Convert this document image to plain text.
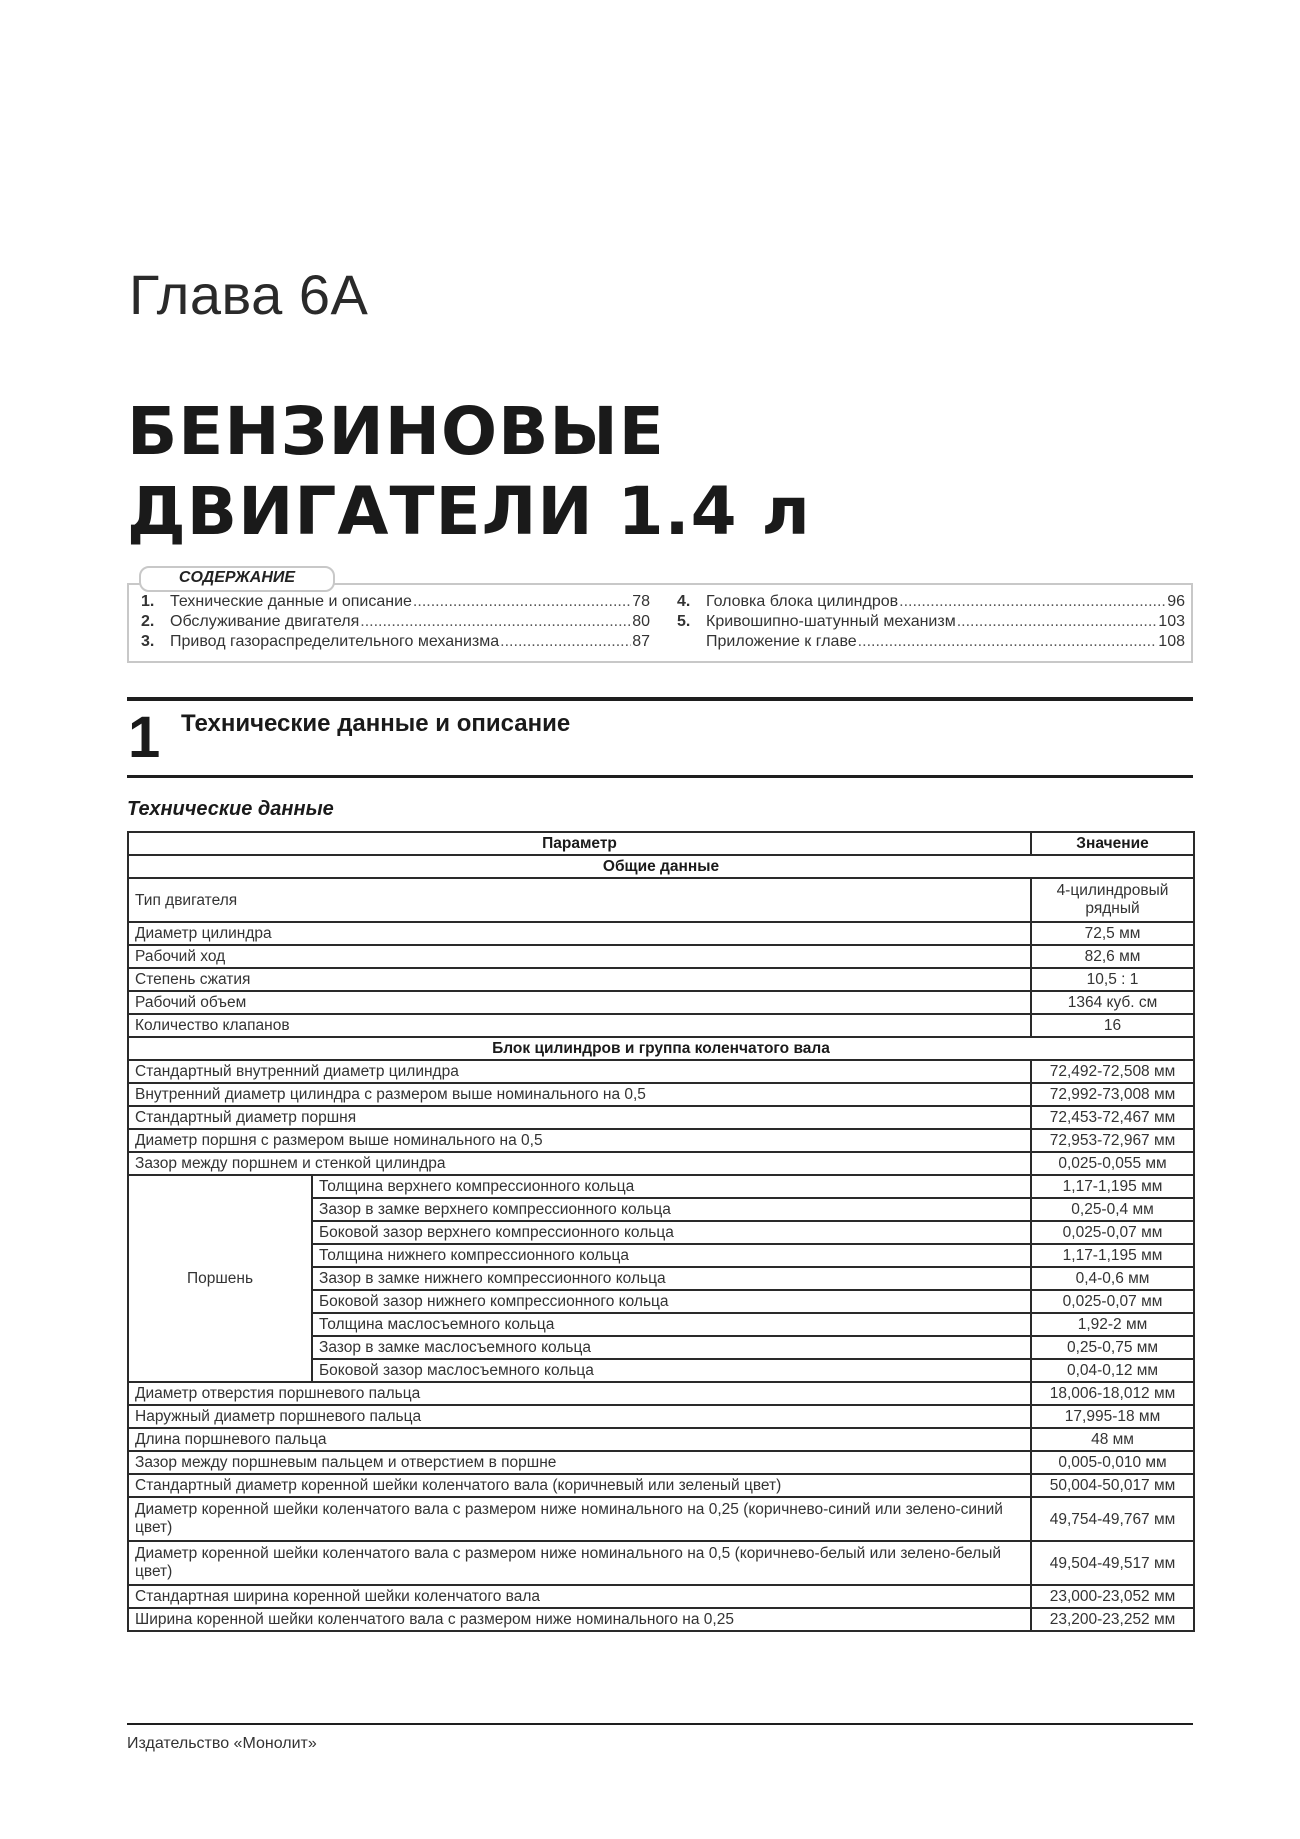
Глава 6А
БЕНЗИНОВЫЕ
ДВИГАТЕЛИ 1.4 л
СОДЕРЖАНИЕ
1. Технические данные и описание .....	78
2. Обслуживание двигателя .....	80
3. Привод газораспределительного механизма .....	87
4. Головка блока цилиндров .....	96
5. Кривошипно-шатунный механизм .....	103
Приложение к главе .....	108
1 Технические данные и описание
Технические данные
Параметр		Значение
Общие данные		
Тип двигателя		4-цилиндровый рядный
Диаметр цилиндра		72,5 мм
Рабочий ход		82,6 мм
Степень сжатия		10,5 : 1
Рабочий объем		1364 куб. см
Количество клапанов		16
Блок цилиндров и группа коленчатого вала		
Стандартный внутренний диаметр цилиндра		72,492-72,508 мм
Внутренний диаметр цилиндра с размером выше номинального на 0,5		72,992-73,008 мм
Стандартный диаметр поршня		72,453-72,467 мм
Диаметр поршня с размером выше номинального на 0,5		72,953-72,967 мм
Зазор между поршнем и стенкой цилиндра		0,025-0,055 мм
Поршень	Толщина верхнего компрессионного кольца	1,17-1,195 мм
	Зазор в замке верхнего компрессионного кольца	0,25-0,4 мм
	Боковой зазор верхнего компрессионного кольца	0,025-0,07 мм
	Толщина нижнего компрессионного кольца	1,17-1,195 мм
	Зазор в замке нижнего компрессионного кольца	0,4-0,6 мм
	Боковой зазор нижнего компрессионного кольца	0,025-0,07 мм
	Толщина маслосъемного кольца	1,92-2 мм
	Зазор в замке маслосъемного кольца	0,25-0,75 мм
	Боковой зазор маслосъемного кольца	0,04-0,12 мм
Диаметр отверстия поршневого пальца		18,006-18,012 мм
Наружный диаметр поршневого пальца		17,995-18 мм
Длина поршневого пальца		48 мм
Зазор между поршневым пальцем и отверстием в поршне		0,005-0,010 мм
Стандартный диаметр коренной шейки коленчатого вала (коричневый или зеленый цвет)		50,004-50,017 мм
Диаметр коренной шейки коленчатого вала с размером ниже номинального на 0,25 (коричнево-синий или зелено-синий цвет)		49,754-49,767 мм
Диаметр коренной шейки коленчатого вала с размером ниже номинального на 0,5 (коричнево-белый или зелено-белый цвет)		49,504-49,517 мм
Стандартная ширина коренной шейки коленчатого вала		23,000-23,052 мм
Ширина коренной шейки коленчатого вала с размером ниже номинального на 0,25		23,200-23,252 мм
Издательство «Монолит»
